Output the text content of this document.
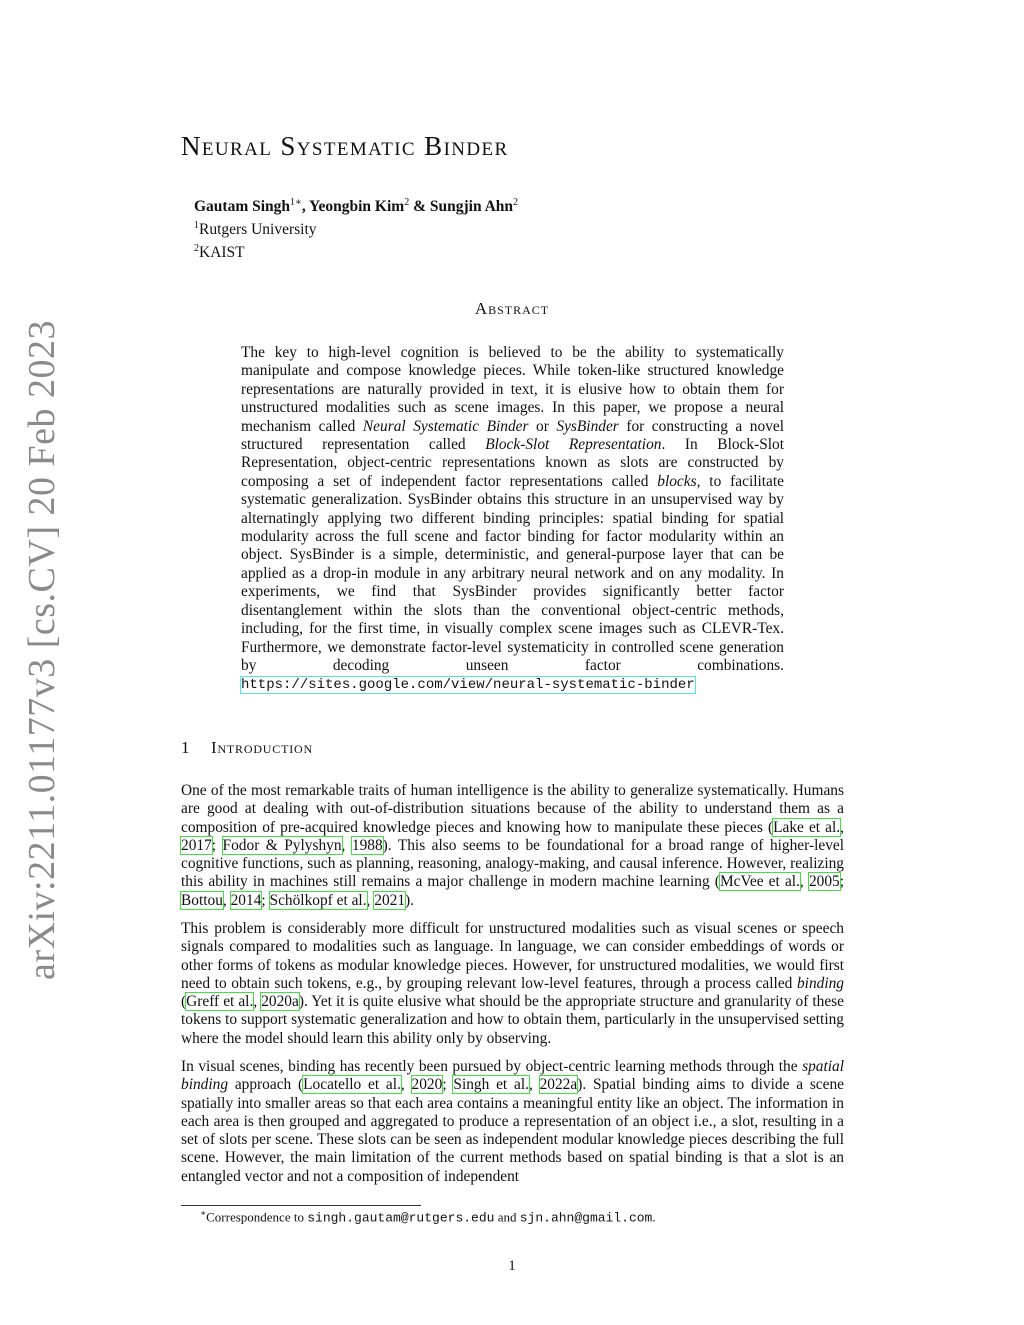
arXiv:2211.01177v3 [cs.CV] 20 Feb 2023
Neural Systematic Binder
Gautam Singh$^{1∗}$, Yeongbin Kim$^2$ & Sungjin Ahn$^2$
$^1$Rutgers University
$^2$KAIST
Abstract

The key to high-level cognition is believed to be the ability to systematically manipulate and compose knowledge pieces. While token-like structured knowledge representations are naturally provided in text, it is elusive how to obtain them for unstructured modalities such as scene images. In this paper, we propose a neural mechanism called Neural Systematic Binder or SysBinder for constructing a novel structured representation called Block-Slot Representation. In Block-Slot Representation, object-centric representations known as slots are constructed by composing a set of independent factor representations called blocks, to facilitate systematic generalization. SysBinder obtains this structure in an unsupervised way by alternatingly applying two different binding principles: spatial binding for spatial modularity across the full scene and factor binding for factor modularity within an object. SysBinder is a simple, deterministic, and general-purpose layer that can be applied as a drop-in module in any arbitrary neural network and on any modality. In experiments, we find that SysBinder provides significantly better factor disentanglement within the slots than the conventional object-centric methods, including, for the first time, in visually complex scene images such as CLEVR-Tex. Furthermore, we demonstrate factor-level systematicity in controlled scene generation by decoding unseen factor combinations. https://sites.google.com/view/neural-systematic-binder

1 Introduction

One of the most remarkable traits of human intelligence is the ability to generalize systematically. Humans are good at dealing with out-of-distribution situations because of the ability to understand them as a composition of pre-acquired knowledge pieces and knowing how to manipulate these pieces (Lake et al., 2017; Fodor & Pylyshyn, 1988). This also seems to be foundational for a broad range of higher-level cognitive functions, such as planning, reasoning, analogy-making, and causal inference. However, realizing this ability in machines still remains a major challenge in modern machine learning (McVee et al., 2005; Bottou, 2014; Schölkopf et al., 2021).

This problem is considerably more difficult for unstructured modalities such as visual scenes or speech signals compared to modalities such as language. In language, we can consider embeddings of words or other forms of tokens as modular knowledge pieces. However, for unstructured modalities, we would first need to obtain such tokens, e.g., by grouping relevant low-level features, through a process called binding (Greff et al., 2020a). Yet it is quite elusive what should be the appropriate structure and granularity of these tokens to support systematic generalization and how to obtain them, particularly in the unsupervised setting where the model should learn this ability only by observing.

In visual scenes, binding has recently been pursued by object-centric learning methods through the spatial binding approach (Locatello et al., 2020; Singh et al., 2022a). Spatial binding aims to divide a scene spatially into smaller areas so that each area contains a meaningful entity like an object. The information in each area is then grouped and aggregated to produce a representation of an object i.e., a slot, resulting in a set of slots per scene. These slots can be seen as independent modular knowledge pieces describing the full scene. However, the main limitation of the current methods based on spatial binding is that a slot is an entangled vector and not a composition of independent

∗Correspondence to singh.gautam@rutgers.edu and sjn.ahn@gmail.com.
1
